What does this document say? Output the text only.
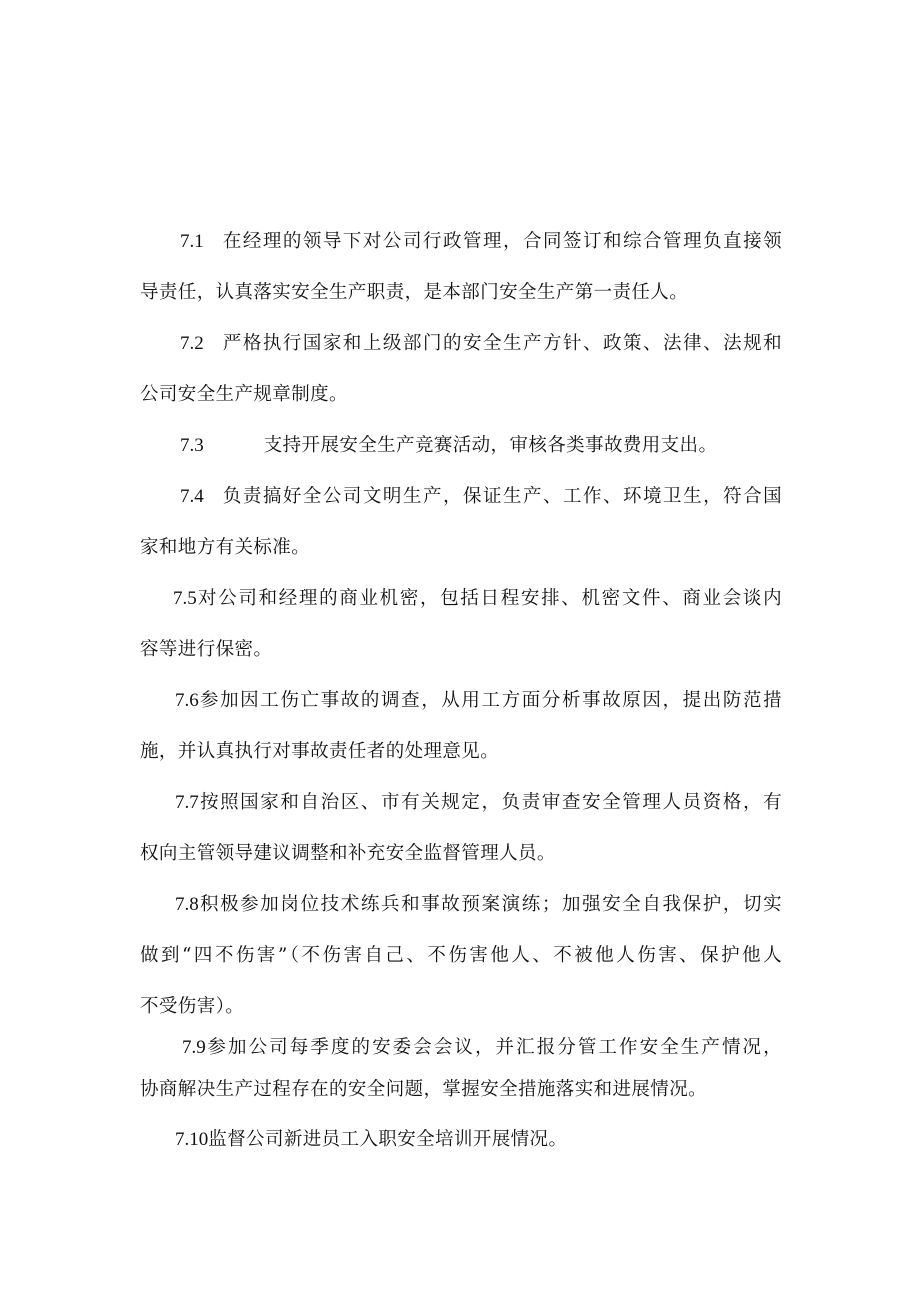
7.1 在经理的领导下对公司行政管理，合同签订和综合管理负直接领
导责任，认真落实安全生产职责，是本部门安全生产第一责任人。
7.2 严格执行国家和上级部门的安全生产方针、政策、法律、法规和
公司安全生产规章制度。
7.3	支持开展安全生产竞赛活动，审核各类事故费用支出。
7.4 负责搞好全公司文明生产，保证生产、工作、环境卫生，符合国
家和地方有关标准。
7.5对公司和经理的商业机密，包括日程安排、机密文件、商业会谈内
容等进行保密。
7.6参加因工伤亡事故的调查，从用工方面分析事故原因，提出防范措
施，并认真执行对事故责任者的处理意见。
7.7按照国家和自治区、市有关规定，负责审查安全管理人员资格，有
权向主管领导建议调整和补充安全监督管理人员。
7.8积极参加岗位技术练兵和事故预案演练；加强安全自我保护，切实
做到“四不伤害”（不伤害自己、不伤害他人、不被他人伤害、保护他人
不受伤害）。
7.9参加公司每季度的安委会会议，并汇报分管工作安全生产情况，
协商解决生产过程存在的安全问题，掌握安全措施落实和进展情况。
7.10监督公司新进员工入职安全培训开展情况。
